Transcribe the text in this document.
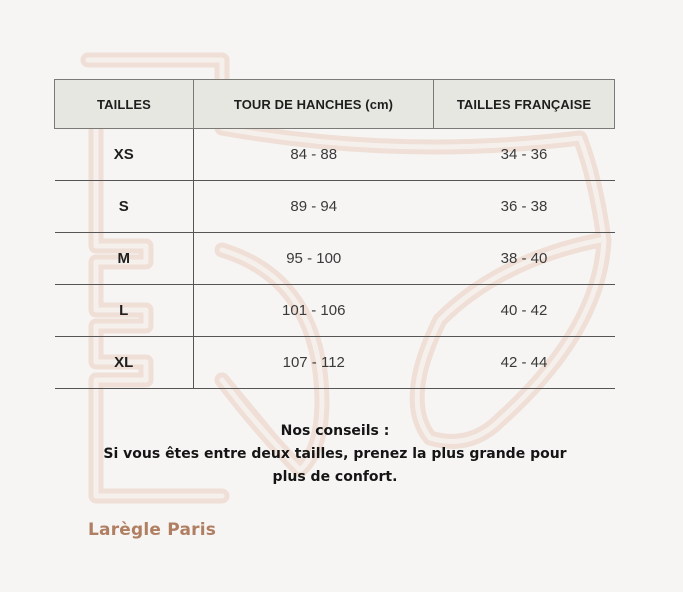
TAILLES	TOUR DE HANCHES (cm)	TAILLES FRANÇAISE
XS	84 - 88	34 - 36
S	89 - 94	36 - 38
M	95 - 100	38 - 40
L	101 - 106	40 - 42
XL	107 - 112	42 - 44

Nos conseils :

Si vous êtes entre deux tailles, prenez la plus grande pour

plus de confort.

Larègle Paris
